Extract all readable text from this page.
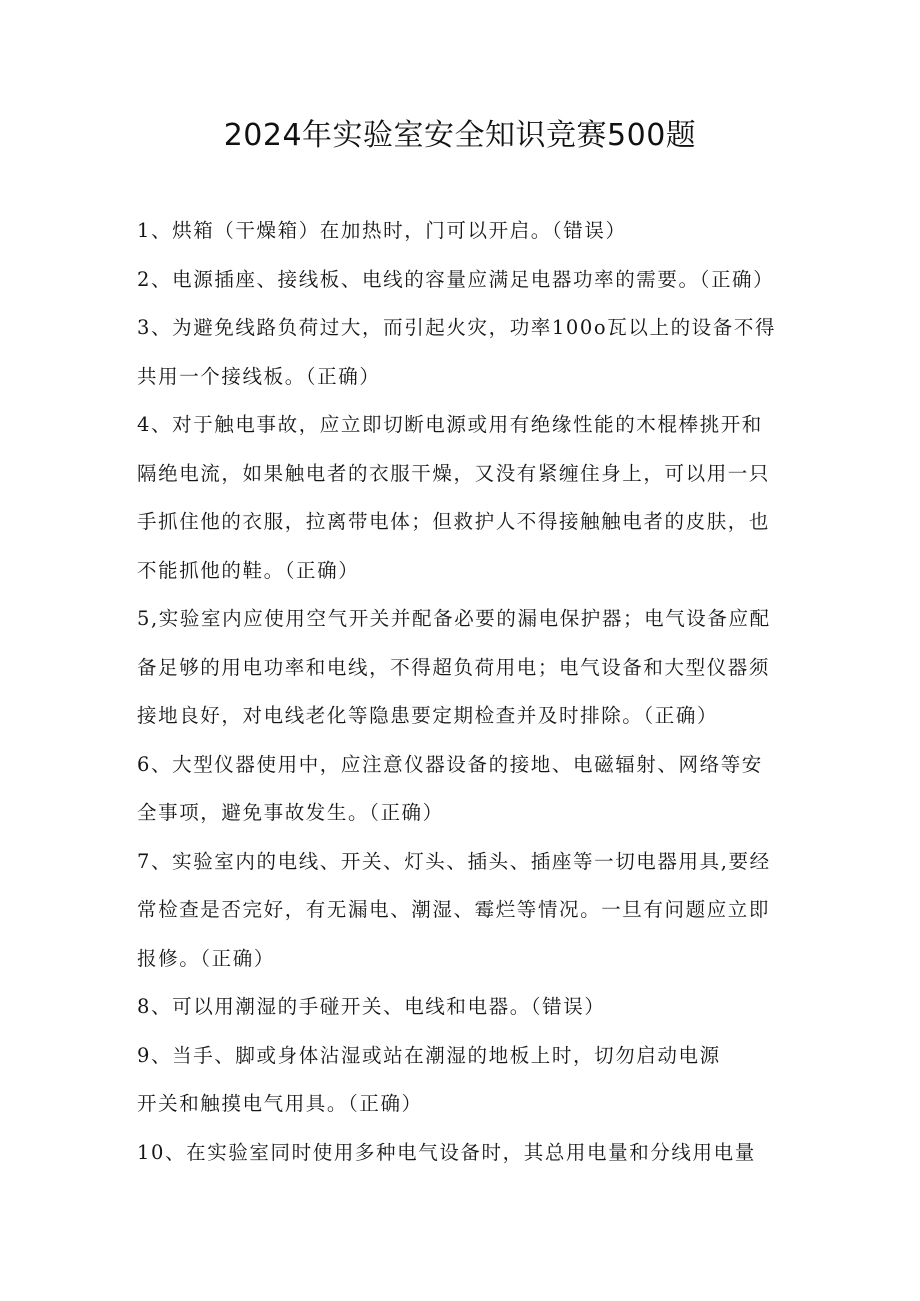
2024年实验室安全知识竞赛500题
1、烘箱（干燥箱）在加热时，门可以开启。（错误）
2、电源插座、接线板、电线的容量应满足电器功率的需要。（正确）
3、为避免线路负荷过大，而引起火灾，功率100o瓦以上的设备不得
共用一个接线板。（正确）
4、对于触电事故，应立即切断电源或用有绝缘性能的木棍棒挑开和
隔绝电流，如果触电者的衣服干燥，又没有紧缠住身上，可以用一只
手抓住他的衣服，拉离带电体；但救护人不得接触触电者的皮肤，也
不能抓他的鞋。（正确）
5,实验室内应使用空气开关并配备必要的漏电保护器；电气设备应配
备足够的用电功率和电线，不得超负荷用电；电气设备和大型仪器须
接地良好，对电线老化等隐患要定期检查并及时排除。（正确）
6、大型仪器使用中，应注意仪器设备的接地、电磁辐射、网络等安
全事项，避免事故发生。（正确）
7、实验室内的电线、开关、灯头、插头、插座等一切电器用具,要经
常检查是否完好，有无漏电、潮湿、霉烂等情况。一旦有问题应立即
报修。（正确）
8、可以用潮湿的手碰开关、电线和电器。（错误）
9、当手、脚或身体沾湿或站在潮湿的地板上时，切勿启动电源
开关和触摸电气用具。（正确）
10、在实验室同时使用多种电气设备时，其总用电量和分线用电量
